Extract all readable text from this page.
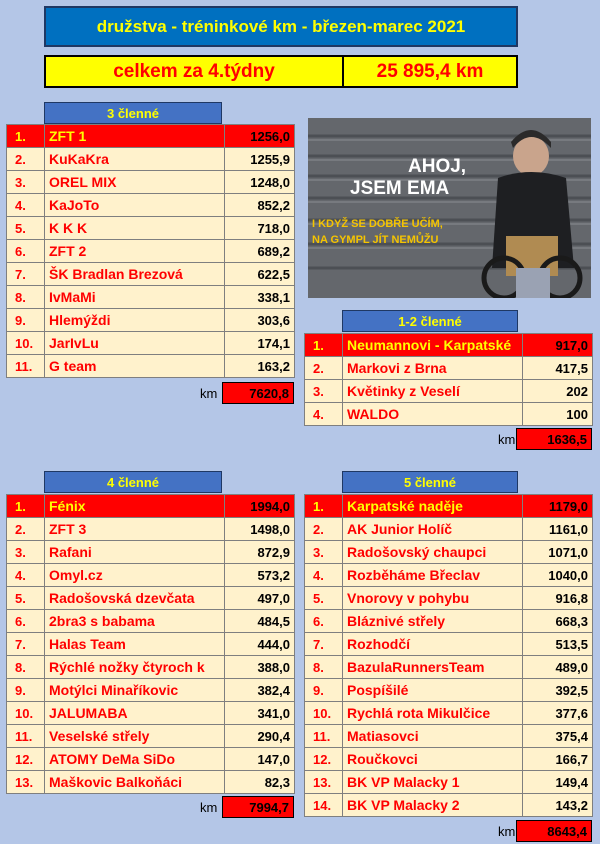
družstva - tréninkové km - březen-marec 2021
celkem za 4.týdny	25 895,4 km
AHOJ,
JSEM EMA
I KDYŽ SE DOBŘE UČÍM,
NA GYMPL JÍT NEMŮŽU
3 členné
1.	ZFT 1	1256,0
2.	KuKaKra	1255,9
3.	OREL MIX	1248,0
4.	KaJoTo	852,2
5.	K K K	718,0
6.	ZFT 2	689,2
7.	ŠK Bradlan Brezová	622,5
8.	IvMaMi	338,1
9.	Hlemýždi	303,6
10.	JarIvLu	174,1
11.	G team	163,2
km	7620,8
1-2 členné
1.	Neumannovi - Karpatské	917,0
2.	Markovi z Brna	417,5
3.	Květinky z Veselí	202
4.	WALDO	100
km	1636,5
4 členné
1.	Fénix	1994,0
2.	ZFT 3	1498,0
3.	Rafani	872,9
4.	Omyl.cz	573,2
5.	Radošovská dzevčata	497,0
6.	2bra3 s babama	484,5
7.	Halas Team	444,0
8.	Rýchlé nožky čtyroch k	388,0
9.	Motýlci Minaříkovic	382,4
10.	JALUMABA	341,0
11.	Veselské střely	290,4
12.	ATOMY DeMa SiDo	147,0
13.	Maškovic Balkoňáci	82,3
km	7994,7
5 členné
1.	Karpatské naděje	1179,0
2.	AK Junior Holíč	1161,0
3.	Radošovský chaupci	1071,0
4.	Rozběháme Břeclav	1040,0
5.	Vnorovy v pohybu	916,8
6.	Bláznivé střely	668,3
7.	Rozhodčí	513,5
8.	BazulaRunnersTeam	489,0
9.	Pospíšilé	392,5
10.	Rychlá rota Mikulčice	377,6
11.	Matiasovci	375,4
12.	Roučkovci	166,7
13.	BK VP Malacky 1	149,4
14.	BK VP Malacky 2	143,2
km	8643,4
